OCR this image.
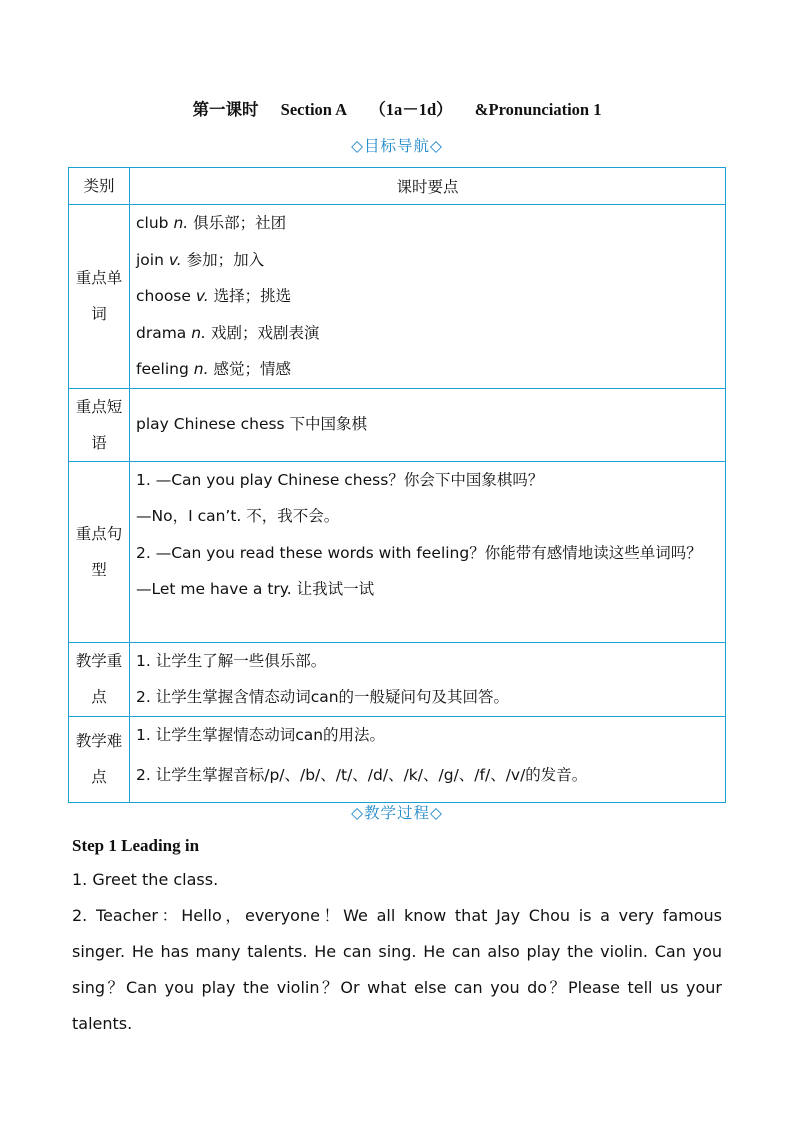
第一课时 Section A （1a－1d） &Pronunciation 1
◇目标导航◇
类别	课时要点
重点单词	club n. 俱乐部；社团
join v. 参加；加入
choose v. 选择；挑选
drama n. 戏剧；戏剧表演
feeling n. 感觉；情感

重点短语	play Chinese chess 下中国象棋

重点句型	1. —Can you play Chinese chess？你会下中国象棋吗？
—No，I can’t. 不，我不会。
2. —Can you read these words with feeling？你能带有感情地读这些单词吗？
—Let me have a try. 让我试一试

教学重点	1. 让学生了解一些俱乐部。
2. 让学生掌握含情态动词can的一般疑问句及其回答。

教学难点	1. 让学生掌握情态动词can的用法。
2. 让学生掌握音标/p/、/b/、/t/、/d/、/k/、/g/、/f/、/v/的发音。
◇教学过程◇
Step 1 Leading in
1. Greet the class.
2. Teacher：Hello，everyone！We all know that Jay Chou is a very famous singer. He has many talents. He can sing. He can also play the violin. Can you sing？Can you play the violin？Or what else can you do？Please tell us your talents.
